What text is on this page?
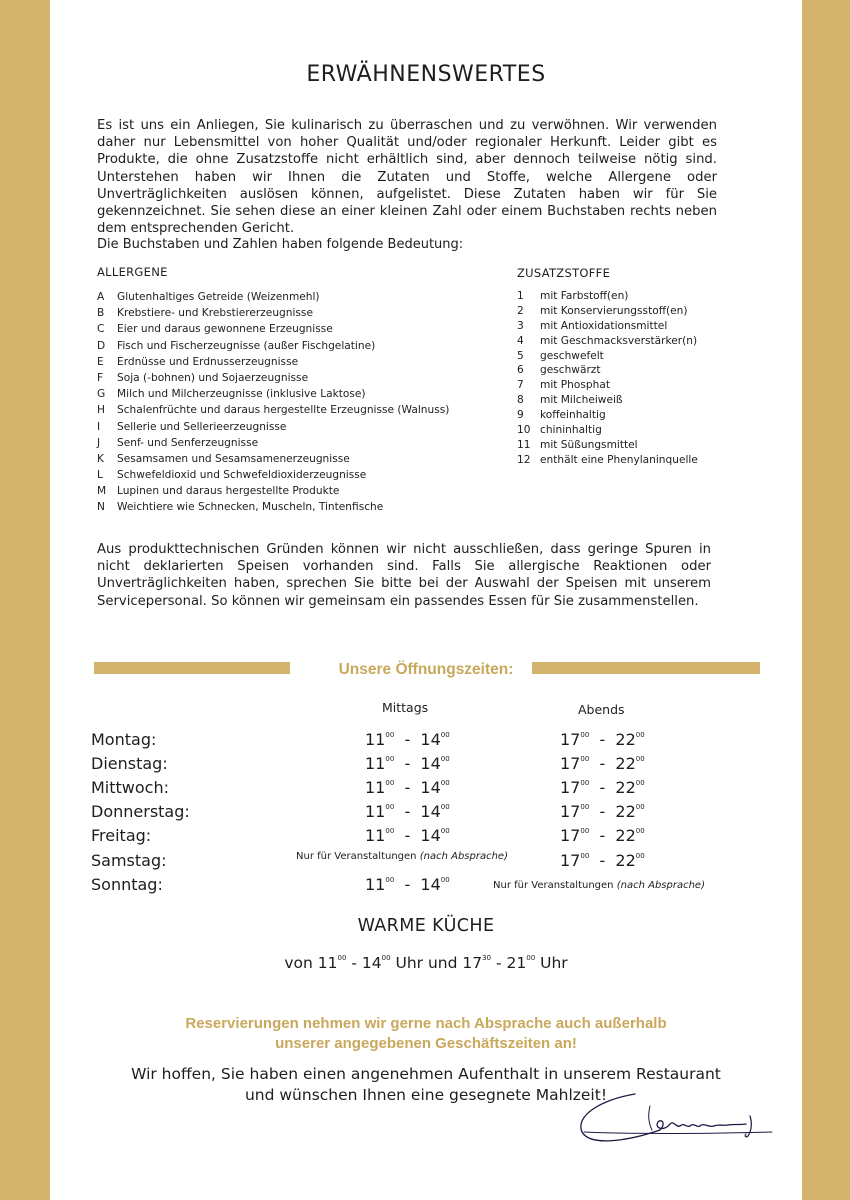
ERWÄHNENSWERTES
Es ist uns ein Anliegen, Sie kulinarisch zu überraschen und zu verwöhnen. Wir verwenden daher nur Lebensmittel von hoher Qualität und/oder regionaler Herkunft. Leider gibt es Produkte, die ohne Zusatzstoffe nicht erhältlich sind, aber dennoch teilweise nötig sind. Unterstehen haben wir Ihnen die Zutaten und Stoffe, welche Allergene oder Unverträglichkeiten auslösen können, aufgelistet. Diese Zutaten haben wir für Sie gekennzeichnet. Sie sehen diese an einer kleinen Zahl oder einem Buchstaben rechts neben dem entsprechenden Gericht.
Die Buchstaben und Zahlen haben folgende Bedeutung:
ALLERGENE
A Glutenhaltiges Getreide (Weizenmehl)
B Krebstiere- und Krebstiererzeugnisse
C Eier und daraus gewonnene Erzeugnisse
D Fisch und Fischerzeugnisse (außer Fischgelatine)
E Erdnüsse und Erdnusserzeugnisse
F Soja (-bohnen) und Sojaerzeugnisse
G Milch und Milcherzeugnisse (inklusive Laktose)
H Schalenfrüchte und daraus hergestellte Erzeugnisse (Walnuss)
I Sellerie und Sellerieerzeugnisse
J Senf- und Senferzeugnisse
K Sesamsamen und Sesamsamenerzeugnisse
L Schwefeldioxid und Schwefeldioxiderzeugnisse
M Lupinen und daraus hergestellte Produkte
N Weichtiere wie Schnecken, Muscheln, Tintenfische
ZUSATZSTOFFE
1 mit Farbstoff(en)
2 mit Konservierungsstoff(en)
3 mit Antioxidationsmittel
4 mit Geschmacksverstärker(n)
5 geschwefelt
6 geschwärzt
7 mit Phosphat
8 mit Milcheiweiß
9 koffeinhaltig
10 chininhaltig
11 mit Süßungsmittel
12 enthält eine Phenylaninquelle
Aus produkttechnischen Gründen können wir nicht ausschließen, dass geringe Spuren in nicht deklarierten Speisen vorhanden sind. Falls Sie allergische Reaktionen oder Unverträglichkeiten haben, sprechen Sie bitte bei der Auswahl der Speisen mit unserem Servicepersonal. So können wir gemeinsam ein passendes Essen für Sie zusammenstellen.
Unsere Öffnungszeiten:
Mittags	Abends
Montag:	$11^{00} - 14^{00}$	$17^{00} - 22^{00}$
Dienstag:	$11^{00} - 14^{00}$	$17^{00} - 22^{00}$
Mittwoch:	$11^{00} - 14^{00}$	$17^{00} - 22^{00}$
Donnerstag:	$11^{00} - 14^{00}$	$17^{00} - 22^{00}$
Freitag:	$11^{00} - 14^{00}$	$17^{00} - 22^{00}$
Samstag:	Nur für Veranstaltungen (nach Absprache)	$17^{00} - 22^{00}$
Sonntag:	$11^{00} - 14^{00}$	Nur für Veranstaltungen (nach Absprache)
WARME KÜCHE
von $11^{00} - 14^{00}$ Uhr und $17^{30} - 21^{00}$ Uhr
Reservierungen nehmen wir gerne nach Absprache auch außerhalb
unserer angegebenen Geschäftszeiten an!
Wir hoffen, Sie haben einen angenehmen Aufenthalt in unserem Restaurant
und wünschen Ihnen eine gesegnete Mahlzeit!
